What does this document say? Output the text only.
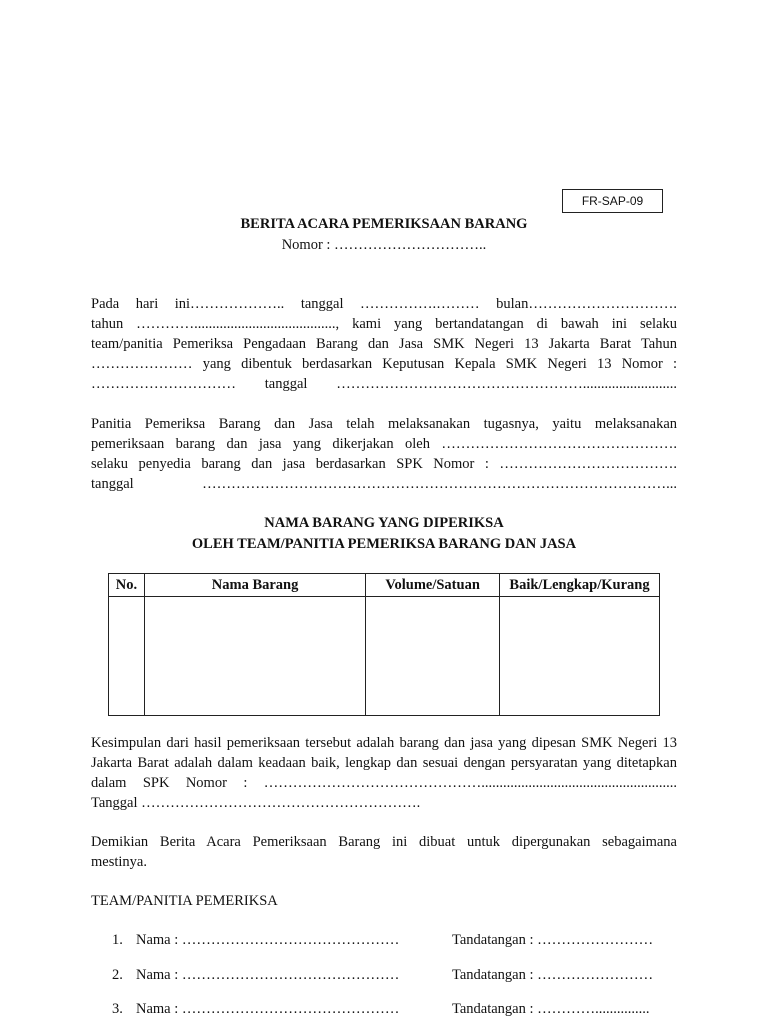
FR-SAP-09
BERITA ACARA PEMERIKSAAN BARANG
Nomor : …………………………..
Pada hari ini……………….. tanggal …………….……… bulan………………………….
tahun …………......................................., kami yang bertandatangan di bawah ini selaku
team/panitia Pemeriksa Pengadaan Barang dan Jasa SMK Negeri 13 Jakarta Barat Tahun
………………… yang dibentuk berdasarkan Keputusan Kepala SMK Negeri 13 Nomor :
………………………… tanggal ……………………………………………..........................
Panitia Pemeriksa Barang dan Jasa telah melaksanakan tugasnya, yaitu melaksanakan
pemeriksaan barang dan jasa yang dikerjakan oleh ………………………………………….
selaku penyedia barang dan jasa berdasarkan SPK Nomor : ……………………………….
tanggal ……………………………………………………………………………………...
NAMA BARANG YANG DIPERIKSA
OLEH TEAM/PANITIA PEMERIKSA BARANG DAN JASA
No.	Nama Barang	Volume/Satuan	Baik/Lengkap/Kurang

Kesimpulan dari hasil pemeriksaan tersebut adalah barang dan jasa yang dipesan SMK Negeri 13
Jakarta Barat adalah dalam keadaan baik, lengkap dan sesuai dengan persyaratan yang ditetapkan
dalam SPK Nomor : ………………………………………......................................................
Tanggal ………………………………………………….
Demikian Berita Acara Pemeriksaan Barang ini dibuat untuk dipergunakan sebagaimana
mestinya.
TEAM/PANITIA PEMERIKSA
1. Nama : ………………………………………	Tandatangan : ……………………
2. Nama : ………………………………………	Tandatangan : ……………………
3. Nama : ………………………………………	Tandatangan : …………...............
